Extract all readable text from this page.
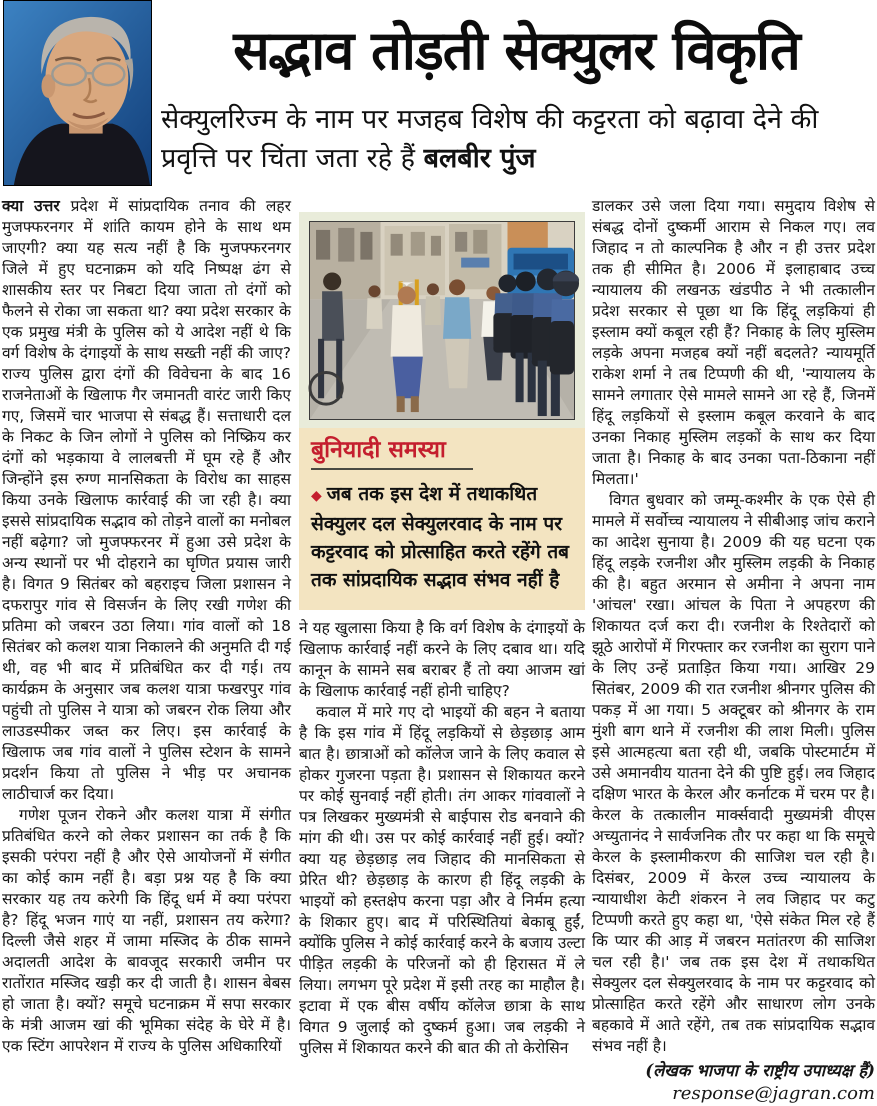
सद्भाव तोड़ती सेक्युलर विकृति
सेक्युलरिज्म के नाम पर मजहब विशेष की कट्टरता को बढ़ावा देने की प्रवृत्ति पर चिंता जता रहे हैं बलबीर पुंज

क्या उत्तर प्रदेश में सांप्रदायिक तनाव की लहर मुजफ्फरनगर में शांति कायम होने के साथ थम जाएगी? क्या यह सत्य नहीं है कि मुजफ्फरनगर जिले में हुए घटनाक्रम को यदि निष्पक्ष ढंग से शासकीय स्तर पर निबटा दिया जाता तो दंगों को फैलने से रोका जा सकता था? क्या प्रदेश सरकार के एक प्रमुख मंत्री के पुलिस को ये आदेश नहीं थे कि वर्ग विशेष के दंगाइयों के साथ सख्ती नहीं की जाए? राज्य पुलिस द्वारा दंगों की विवेचना के बाद 16 राजनेताओं के खिलाफ गैर जमानती वारंट जारी किए गए, जिसमें चार भाजपा से संबद्ध हैं। सत्ताधारी दल के निकट के जिन लोगों ने पुलिस को निष्क्रिय कर दंगों को भड़काया वे लालबत्ती में घूम रहे हैं और जिन्होंने इस रुग्ण मानसिकता के विरोध का साहस किया उनके खिलाफ कार्रवाई की जा रही है। क्या इससे सांप्रदायिक सद्भाव को तोड़ने वालों का मनोबल नहीं बढ़ेगा? जो मुजफ्फरनर में हुआ उसे प्रदेश के अन्य स्थानों पर भी दोहराने का घृणित प्रयास जारी है। विगत 9 सितंबर को बहराइच जिला प्रशासन ने दफरापुर गांव से विसर्जन के लिए रखी गणेश की प्रतिमा को जबरन उठा लिया। गांव वालों को 18 सितंबर को कलश यात्रा निकालने की अनुमति दी गई थी, वह भी बाद में प्रतिबंधित कर दी गई। तय कार्यक्रम के अनुसार जब कलश यात्रा फखरपुर गांव पहुंची तो पुलिस ने यात्रा को जबरन रोक लिया और लाउडस्पीकर जब्त कर लिए। इस कार्रवाई के खिलाफ जब गांव वालों ने पुलिस स्टेशन के सामने प्रदर्शन किया तो पुलिस ने भीड़ पर अचानक लाठीचार्ज कर दिया।

गणेश पूजन रोकने और कलश यात्रा में संगीत प्रतिबंधित करने को लेकर प्रशासन का तर्क है कि इसकी परंपरा नहीं है और ऐसे आयोजनों में संगीत का कोई काम नहीं है। बड़ा प्रश्न यह है कि क्या सरकार यह तय करेगी कि हिंदू धर्म में क्या परंपरा है? हिंदू भजन गाएं या नहीं, प्रशासन तय करेगा? दिल्ली जैसे शहर में जामा मस्जिद के ठीक सामने अदालती आदेश के बावजूद सरकारी जमीन पर रातोंरात मस्जिद खड़ी कर दी जाती है। शासन बेबस हो जाता है। क्यों? समूचे घटनाक्रम में सपा सरकार के मंत्री आजम खां की भूमिका संदेह के घेरे में है। एक स्टिंग आपरेशन में राज्य के पुलिस अधिकारियों

बुनियादी समस्या
◆ जब तक इस देश में तथाकथित सेक्युलर दल सेक्युलरवाद के नाम पर कट्टरवाद को प्रोत्साहित करते रहेंगे तब तक सांप्रदायिक सद्भाव संभव नहीं है

ने यह खुलासा किया है कि वर्ग विशेष के दंगाइयों के खिलाफ कार्रवाई नहीं करने के लिए दबाव था। यदि कानून के सामने सब बराबर हैं तो क्या आजम खां के खिलाफ कार्रवाई नहीं होनी चाहिए?

कवाल में मारे गए दो भाइयों की बहन ने बताया है कि इस गांव में हिंदू लड़कियों से छेड़छाड़ आम बात है। छात्राओं को कॉलेज जाने के लिए कवाल से होकर गुजरना पड़ता है। प्रशासन से शिकायत करने पर कोई सुनवाई नहीं होती। तंग आकर गांववालों ने पत्र लिखकर मुख्यमंत्री से बाईपास रोड बनवाने की मांग की थी। उस पर कोई कार्रवाई नहीं हुई। क्यों? क्या यह छेड़छाड़ लव जिहाद की मानसिकता से प्रेरित थी? छेड़छाड़ के कारण ही हिंदू लड़की के भाइयों को हस्तक्षेप करना पड़ा और वे निर्मम हत्या के शिकार हुए। बाद में परिस्थितियां बेकाबू हुईं, क्योंकि पुलिस ने कोई कार्रवाई करने के बजाय उल्टा पीड़ित लड़की के परिजनों को ही हिरासत में ले लिया। लगभग पूरे प्रदेश में इसी तरह का माहौल है। इटावा में एक बीस वर्षीय कॉलेज छात्रा के साथ विगत 9 जुलाई को दुष्कर्म हुआ। जब लड़की ने पुलिस में शिकायत करने की बात की तो केरोसिन

डालकर उसे जला दिया गया। समुदाय विशेष से संबद्ध दोनों दुष्कर्मी आराम से निकल गए। लव जिहाद न तो काल्पनिक है और न ही उत्तर प्रदेश तक ही सीमित है। 2006 में इलाहाबाद उच्च न्यायालय की लखनऊ खंडपीठ ने भी तत्कालीन प्रदेश सरकार से पूछा था कि हिंदू लड़कियां ही इस्लाम क्यों कबूल रही हैं? निकाह के लिए मुस्लिम लड़के अपना मजहब क्यों नहीं बदलते? न्यायमूर्ति राकेश शर्मा ने तब टिप्पणी की थी, 'न्यायालय के सामने लगातार ऐसे मामले सामने आ रहे हैं, जिनमें हिंदू लड़कियों से इस्लाम कबूल करवाने के बाद उनका निकाह मुस्लिम लड़कों के साथ कर दिया जाता है। निकाह के बाद उनका पता-ठिकाना नहीं मिलता।'

विगत बुधवार को जम्मू-कश्मीर के एक ऐसे ही मामले में सर्वोच्च न्यायालय ने सीबीआइ जांच कराने का आदेश सुनाया है। 2009 की यह घटना एक हिंदू लड़के रजनीश और मुस्लिम लड़की के निकाह की है। बहुत अरमान से अमीना ने अपना नाम 'आंचल' रखा। आंचल के पिता ने अपहरण की शिकायत दर्ज करा दी। रजनीश के रिश्तेदारों को झूठे आरोपों में गिरफ्तार कर रजनीश का सुराग पाने के लिए उन्हें प्रताड़ित किया गया। आखिर 29 सितंबर, 2009 की रात रजनीश श्रीनगर पुलिस की पकड़ में आ गया। 5 अक्टूबर को श्रीनगर के राम मुंशी बाग थाने में रजनीश की लाश मिली। पुलिस इसे आत्महत्या बता रही थी, जबकि पोस्टमार्टम में उसे अमानवीय यातना देने की पुष्टि हुई। लव जिहाद दक्षिण भारत के केरल और कर्नाटक में चरम पर है। केरल के तत्कालीन मार्क्सवादी मुख्यमंत्री वीएस अच्युतानंद ने सार्वजनिक तौर पर कहा था कि समूचे केरल के इस्लामीकरण की साजिश चल रही है। दिसंबर, 2009 में केरल उच्च न्यायालय के न्यायाधीश केटी शंकरन ने लव जिहाद पर कटु टिप्पणी करते हुए कहा था, 'ऐसे संकेत मिल रहे हैं कि प्यार की आड़ में जबरन मतांतरण की साजिश चल रही है।' जब तक इस देश में तथाकथित सेक्युलर दल सेक्युलरवाद के नाम पर कट्टरवाद को प्रोत्साहित करते रहेंगे और साधारण लोग उनके बहकावे में आते रहेंगे, तब तक सांप्रदायिक सद्भाव संभव नहीं है।

(लेखक भाजपा के राष्ट्रीय उपाध्यक्ष हैं)
response@jagran.com
